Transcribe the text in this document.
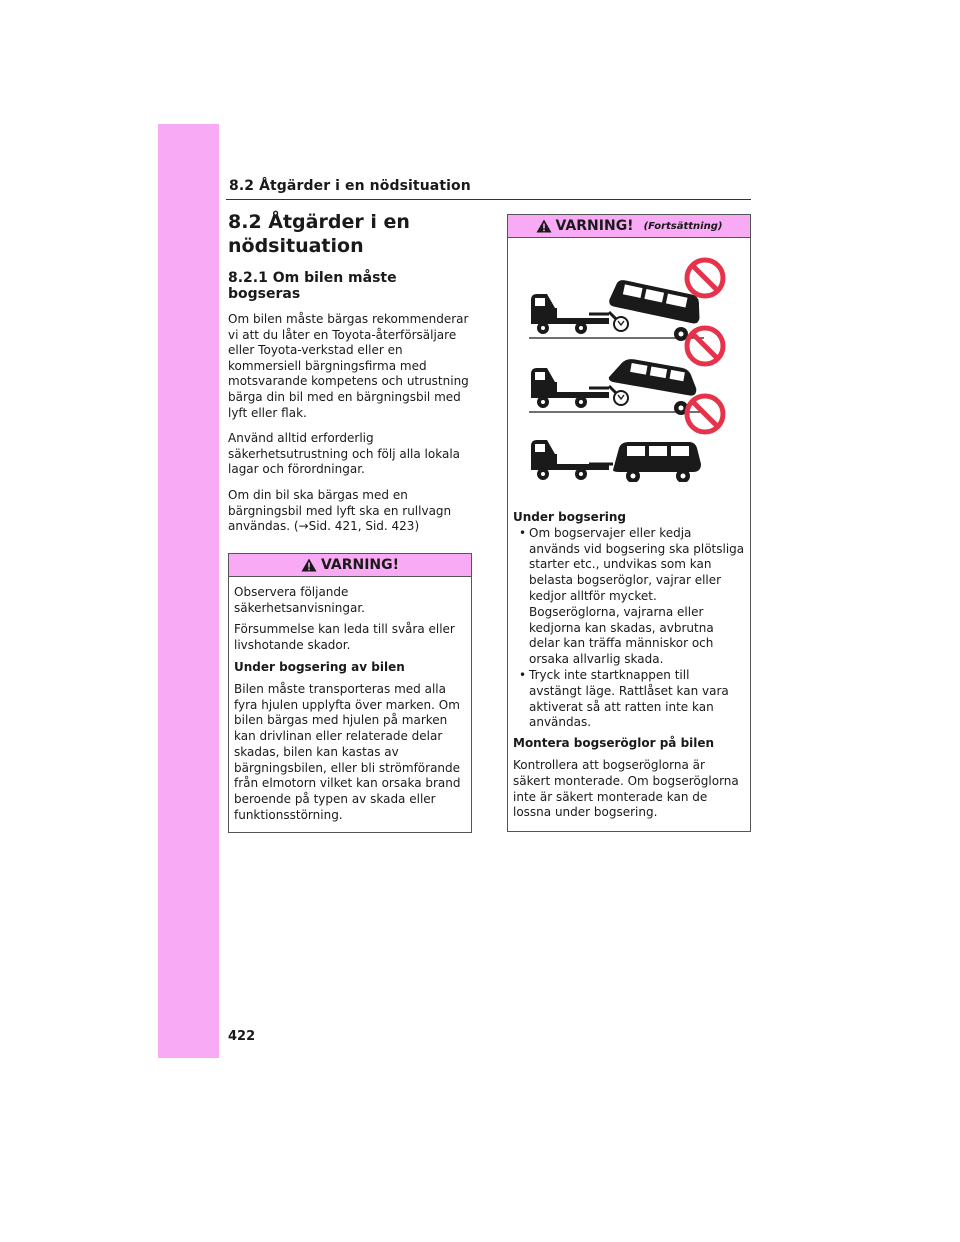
8.2 Åtgärder i en nödsituation
8.2 Åtgärder i en nödsituation
8.2.1 Om bilen måste bogseras

Om bilen måste bärgas rekommenderar vi att du låter en Toyota-återförsäljare eller Toyota-verkstad eller en kommersiell bärgningsfirma med motsvarande kompetens och utrustning bärga din bil med en bärgningsbil med lyft eller flak.

Använd alltid erforderlig säkerhetsutrustning och följ alla lokala lagar och förordningar.

Om din bil ska bärgas med en bärgningsbil med lyft ska en rullvagn användas. (→Sid. 421, Sid. 423)

VARNING!

Observera följande säkerhetsanvisningar.

Försummelse kan leda till svåra eller livshotande skador.

Under bogsering av bilen

Bilen måste transporteras med alla fyra hjulen upplyfta över marken. Om bilen bärgas med hjulen på marken kan drivlinan eller relaterade delar skadas, bilen kan kastas av bärgningsbilen, eller bli strömförande från elmotorn vilket kan orsaka brand beroende på typen av skada eller funktionsstörning.

VARNING! (Fortsättning)

Under bogsering

• Om bogservajer eller kedja används vid bogsering ska plötsliga starter etc., undvikas som kan belasta bogseröglor, vajrar eller kedjor alltför mycket. Bogseröglorna, vajrarna eller kedjorna kan skadas, avbrutna delar kan träffa människor och orsaka allvarlig skada.
• Tryck inte startknappen till avstängt läge. Rattlåset kan vara aktiverat så att ratten inte kan användas.

Montera bogseröglor på bilen

Kontrollera att bogseröglorna är säkert monterade. Om bogseröglorna inte är säkert monterade kan de lossna under bogsering.

422
